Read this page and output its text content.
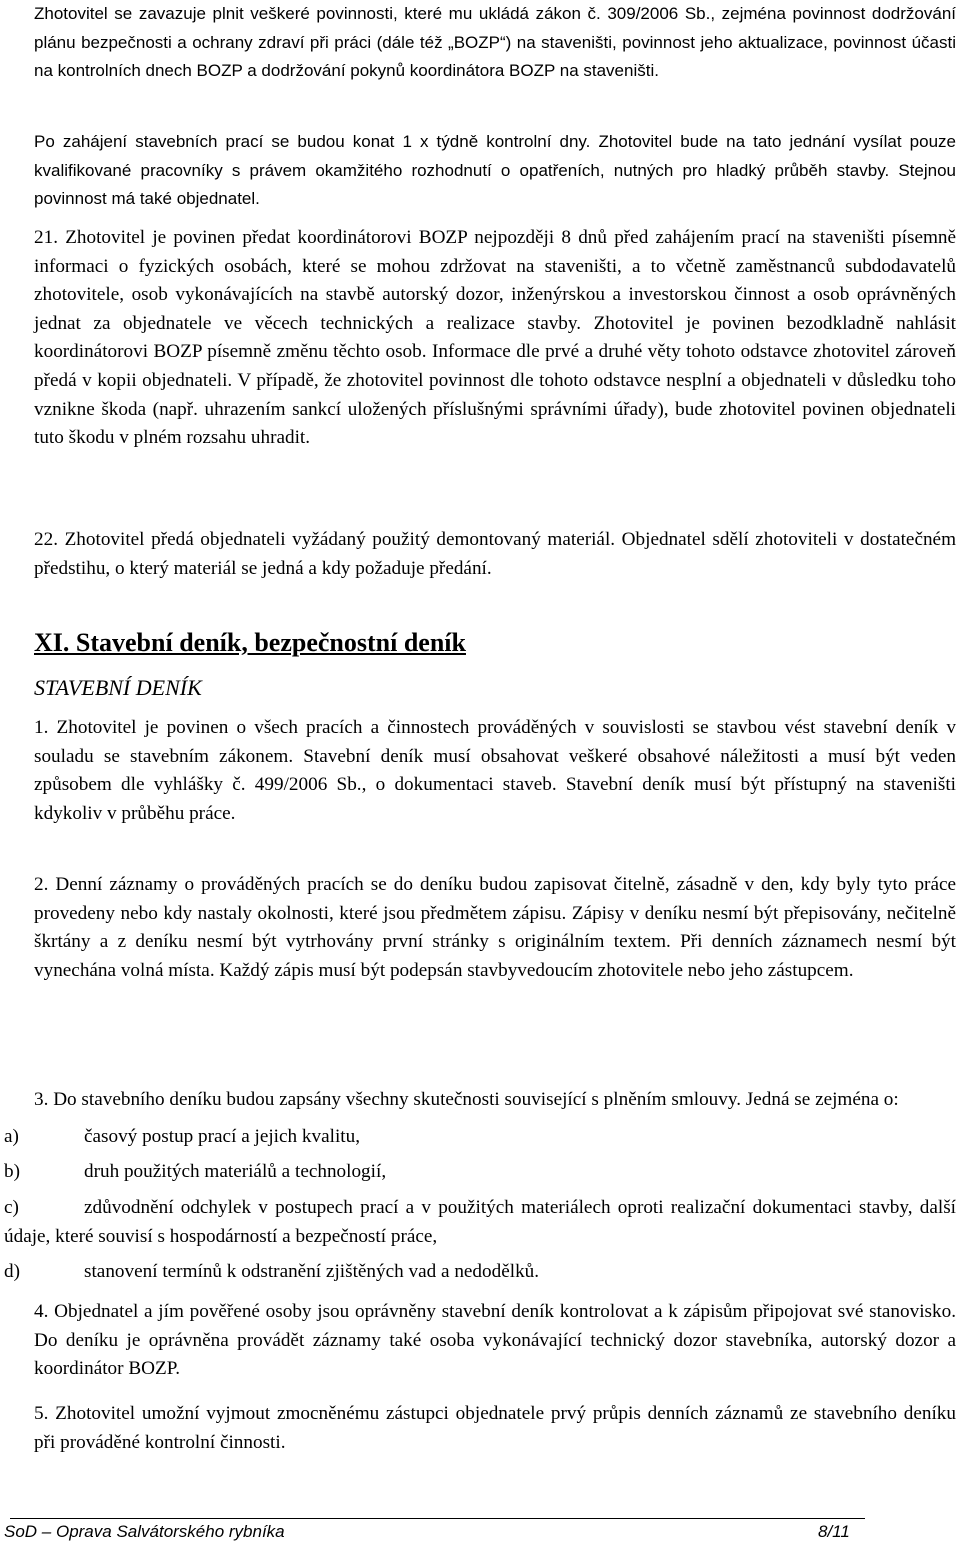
Zhotovitel se zavazuje plnit veškeré povinnosti, které mu ukládá zákon č. 309/2006 Sb., zejména povinnost dodržování plánu bezpečnosti a ochrany zdraví při práci (dále též „BOZP“) na staveništi, povinnost jeho aktualizace, povinnost účasti na kontrolních dnech BOZP a dodržování pokynů koordinátora BOZP na staveništi.

Po zahájení stavebních prací se budou konat 1 x týdně kontrolní dny. Zhotovitel bude na tato jednání vysílat pouze kvalifikované pracovníky s právem okamžitého rozhodnutí o opatřeních, nutných pro hladký průběh stavby. Stejnou povinnost má také objednatel.

21. Zhotovitel je povinen předat koordinátorovi BOZP nejpozději 8 dnů před zahájením prací na staveništi písemně informaci o fyzických osobách, které se mohou zdržovat na staveništi, a to včetně zaměstnanců subdodavatelů zhotovitele, osob vykonávajících na stavbě autorský dozor, inženýrskou a investorskou činnost a osob oprávněných jednat za objednatele ve věcech technických a realizace stavby. Zhotovitel je povinen bezodkladně nahlásit koordinátorovi BOZP písemně změnu těchto osob. Informace dle prvé a druhé věty tohoto odstavce zhotovitel zároveň předá v kopii objednateli. V případě, že zhotovitel povinnost dle tohoto odstavce nesplní a objednateli v důsledku toho vznikne škoda (např. uhrazením sankcí uložených příslušnými správními úřady), bude zhotovitel povinen objednateli tuto škodu v plném rozsahu uhradit.

22. Zhotovitel předá objednateli vyžádaný použitý demontovaný materiál. Objednatel sdělí zhotoviteli v dostatečném předstihu, o který materiál se jedná a kdy požaduje předání.

XI. Stavební deník, bezpečnostní deník
STAVEBNÍ DENÍK

1. Zhotovitel je povinen o všech pracích a činnostech prováděných v souvislosti se stavbou vést stavební deník v souladu se stavebním zákonem. Stavební deník musí obsahovat veškeré obsahové náležitosti a musí být veden způsobem dle vyhlášky č. 499/2006 Sb., o dokumentaci staveb. Stavební deník musí být přístupný na staveništi kdykoliv v průběhu práce.

2. Denní záznamy o prováděných pracích se do deníku budou zapisovat čitelně, zásadně v den, kdy byly tyto práce provedeny nebo kdy nastaly okolnosti, které jsou předmětem zápisu. Zápisy v deníku nesmí být přepisovány, nečitelně škrtány a z deníku nesmí být vytrhovány první stránky s originálním textem. Při denních záznamech nesmí být vynechána volná místa. Každý zápis musí být podepsán stavbyvedoucím zhotovitele nebo jeho zástupcem.

3. Do stavebního deníku budou zapsány všechny skutečnosti související s plněním smlouvy. Jedná se zejména o:

a)	časový postup prací a jejich kvalitu,
b)	druh použitých materiálů a technologií,
c)	zdůvodnění odchylek v postupech prací a v použitých materiálech oproti realizační dokumentaci stavby, další údaje, které souvisí s hospodárností a bezpečností práce,
d)	stanovení termínů k odstranění zjištěných vad a nedodělků.

4. Objednatel a jím pověřené osoby jsou oprávněny stavební deník kontrolovat a k zápisům připojovat své stanovisko. Do deníku je oprávněna provádět záznamy také osoba vykonávající technický dozor stavebníka, autorský dozor a koordinátor BOZP.

5. Zhotovitel umožní vyjmout zmocněnému zástupci objednatele prvý průpis denních záznamů ze stavebního deníku při prováděné kontrolní činnosti.

SoD – Oprava Salvátorského rybníka	8/11
